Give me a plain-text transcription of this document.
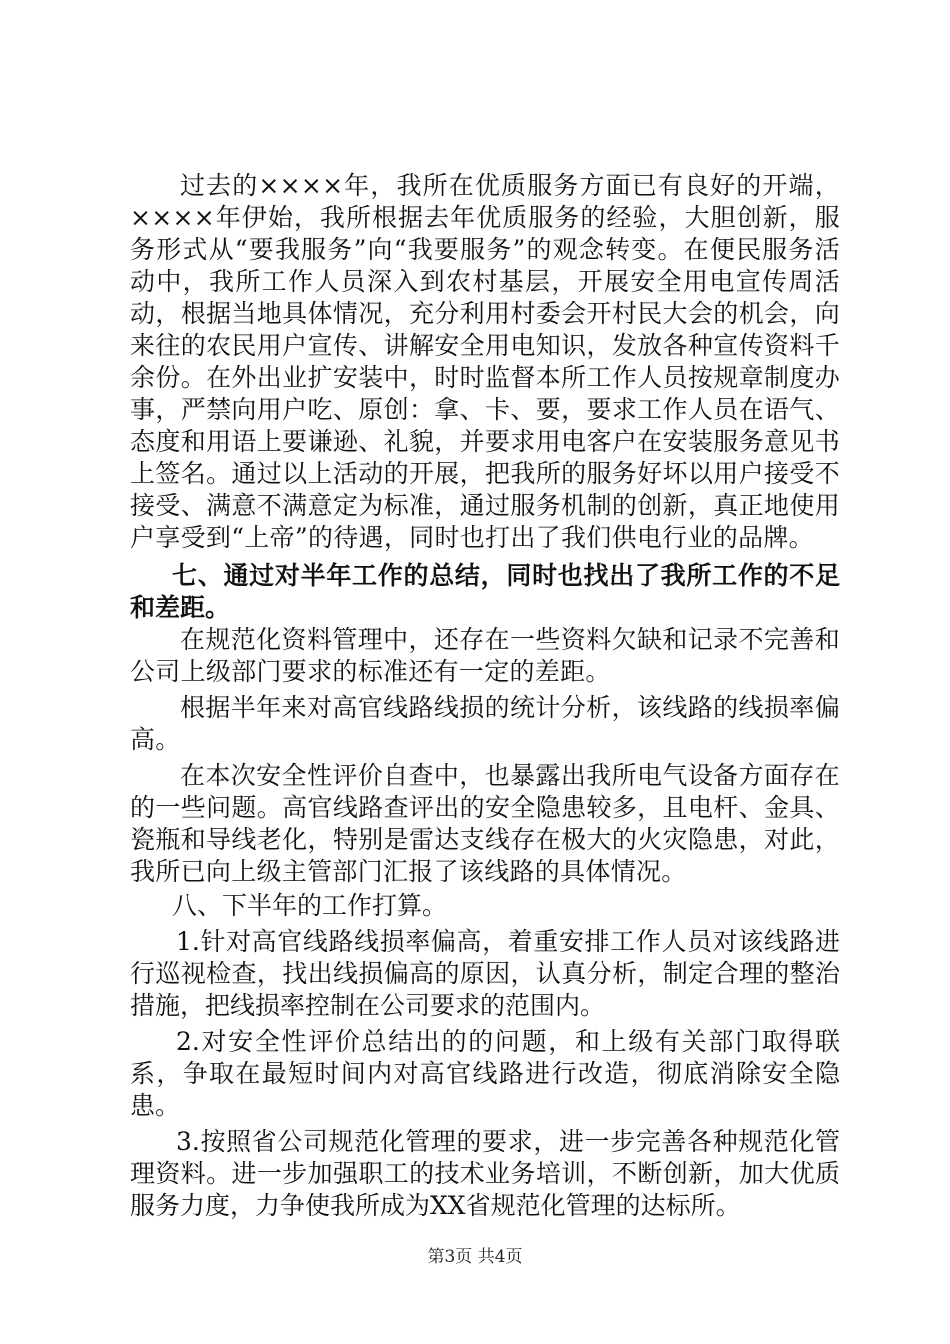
过去的××××年，我所在优质服务方面已有良好的开端，××××年伊始，我所根据去年优质服务的经验，大胆创新，服务形式从“要我服务”向“我要服务”的观念转变。在便民服务活动中，我所工作人员深入到农村基层，开展安全用电宣传周活动，根据当地具体情况，充分利用村委会开村民大会的机会，向来往的农民用户宣传、讲解安全用电知识，发放各种宣传资料千余份。在外出业扩安装中，时时监督本所工作人员按规章制度办事，严禁向用户吃、原创：拿、卡、要，要求工作人员在语气、态度和用语上要谦逊、礼貌，并要求用电客户在安装服务意见书上签名。通过以上活动的开展，把我所的服务好坏以用户接受不接受、满意不满意定为标准，通过服务机制的创新，真正地使用户享受到“上帝”的待遇，同时也打出了我们供电行业的品牌。

七、通过对半年工作的总结，同时也找出了我所工作的不足和差距。

在规范化资料管理中，还存在一些资料欠缺和记录不完善和公司上级部门要求的标准还有一定的差距。

根据半年来对高官线路线损的统计分析，该线路的线损率偏高。

在本次安全性评价自查中，也暴露出我所电气设备方面存在的一些问题。高官线路查评出的安全隐患较多，且电杆、金具、瓷瓶和导线老化，特别是雷达支线存在极大的火灾隐患，对此，我所已向上级主管部门汇报了该线路的具体情况。

八、下半年的工作打算。

1.针对高官线路线损率偏高，着重安排工作人员对该线路进行巡视检查，找出线损偏高的原因，认真分析，制定合理的整治措施，把线损率控制在公司要求的范围内。

2.对安全性评价总结出的的问题，和上级有关部门取得联系，争取在最短时间内对高官线路进行改造，彻底消除安全隐患。

3.按照省公司规范化管理的要求，进一步完善各种规范化管理资料。进一步加强职工的技术业务培训，不断创新，加大优质服务力度，力争使我所成为XX省规范化管理的达标所。

第3页 共4页
